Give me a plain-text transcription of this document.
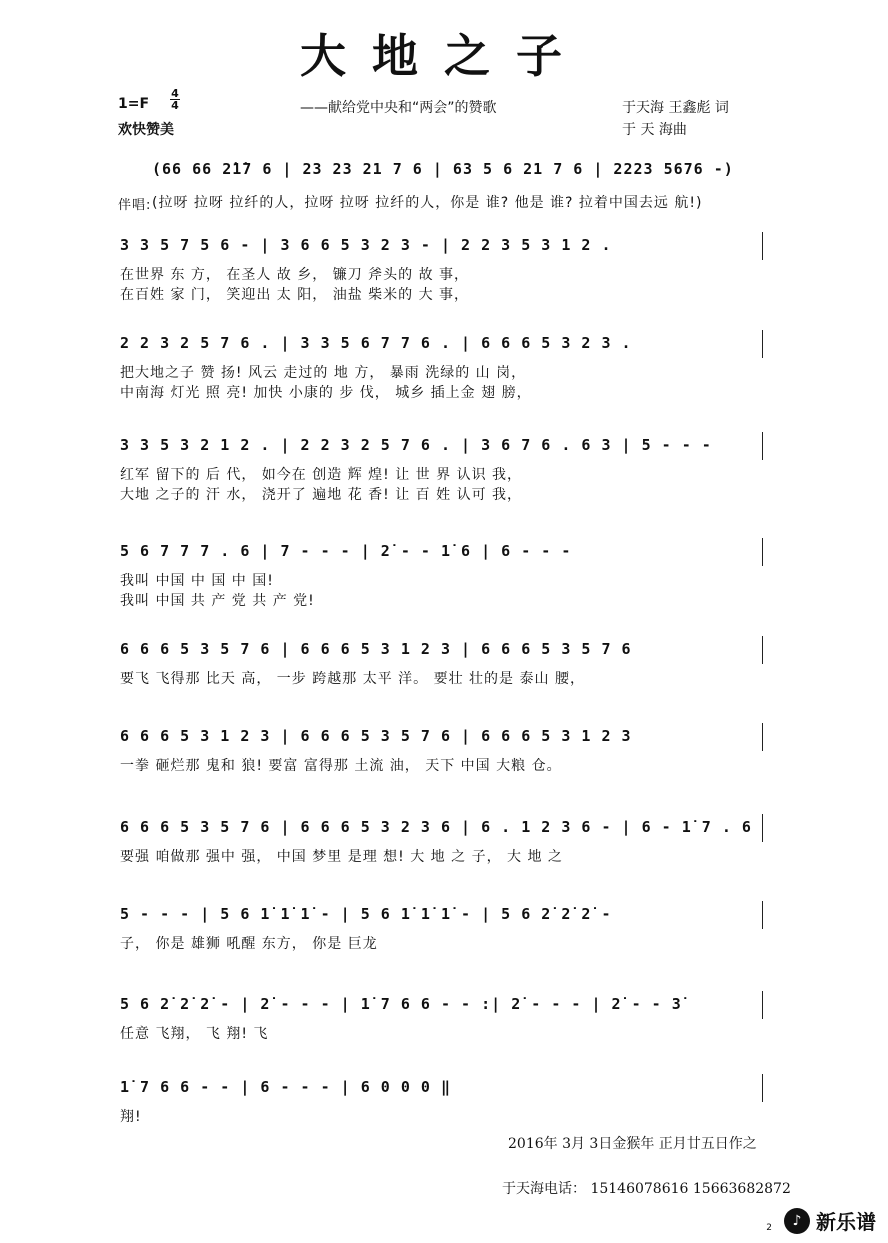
大地之子
1=F
4
4
欢快赞美
——献给党中央和“两会”的赞歌	于天海 王鑫彪 词
于 天 海曲
(66 66 2̇1̇7 6 | 23 23 21 7 6 | 63 5 6 21 7 6 | 2223 5676 -)
伴唱: (拉呀 拉呀 拉纤的人，拉呀 拉呀 拉纤的人，你是 谁? 他是 谁? 拉着中国去远 航!)
3 3 5 7 5 6 - | 3 6 6 5 3 2 3 - | 2 2 3 5 3 1 2 .
在世界 东 方， 在圣人 故 乡， 镰刀 斧头的 故 事，
在百姓 家 门， 笑迎出 太 阳， 油盐 柴米的 大 事，
2 2 3 2 5 7 6 . | 3 3 5 6 7 7 6 . | 6 6 6 5 3 2 3 .
把大地之子 赞 扬! 风云 走过的 地 方， 暴雨 洗绿的 山 岗，
中南海 灯光 照 亮! 加快 小康的 步 伐， 城乡 插上金 翅 膀，
3 3 5 3 2 1 2 . | 2 2 3 2 5 7 6 . | 3 6 7 6 . 6 3 | 5 - - -
红军 留下的 后 代， 如今在 创造 辉 煌! 让 世 界 认识 我，
大地 之子的 汗 水， 浇开了 遍地 花 香! 让 百 姓 认可 我，
5 6 7 7 7 . 6 | 7 - - - | 2̇ - - 1̇ 6 | 6 - - -
我叫 中国 中 国 中 国!
我叫 中国 共 产 党 共 产 党!
6 6 6 5 3 5 7 6 | 6 6 6 5 3 1 2 3 | 6 6 6 5 3 5 7 6
要飞 飞得那 比天 高， 一步 跨越那 太平 洋。 要壮 壮的是 泰山 腰，
6 6 6 5 3 1 2 3 | 6 6 6 5 3 5 7 6 | 6 6 6 5 3 1 2 3
一拳 砸烂那 鬼和 狼! 要富 富得那 土流 油， 天下 中国 大粮 仓。
6 6 6 5 3 5 7 6 | 6 6 6 5 3 2 3 6 | 6 . 1 2 3 6 - | 6 - 1̇ 7 . 6
要强 咱做那 强中 强， 中国 梦里 是理 想! 大 地 之 子， 大 地 之
5 - - - | 5 6 1̇ 1̇ 1̇ - | 5 6 1̇ 1̇ 1̇ - | 5 6 2̇ 2̇ 2̇ -
子， 你是 雄狮 吼醒 东方， 你是 巨龙
5 6 2̇ 2̇ 2̇ - | 2̇ - - - | 1̇ 7 6 6 - - :| 2̇ - - - | 2̇ - - 3̇
任意 飞翔， 飞 翔! 飞
1̇ 7 6 6 - - | 6 - - - | 6 0 0 0 ‖
翔!
2016年 3月 3日金猴年 正月廿五日作之
于天海电话： 15146078616 15663682872
2	♪ 新乐谱
